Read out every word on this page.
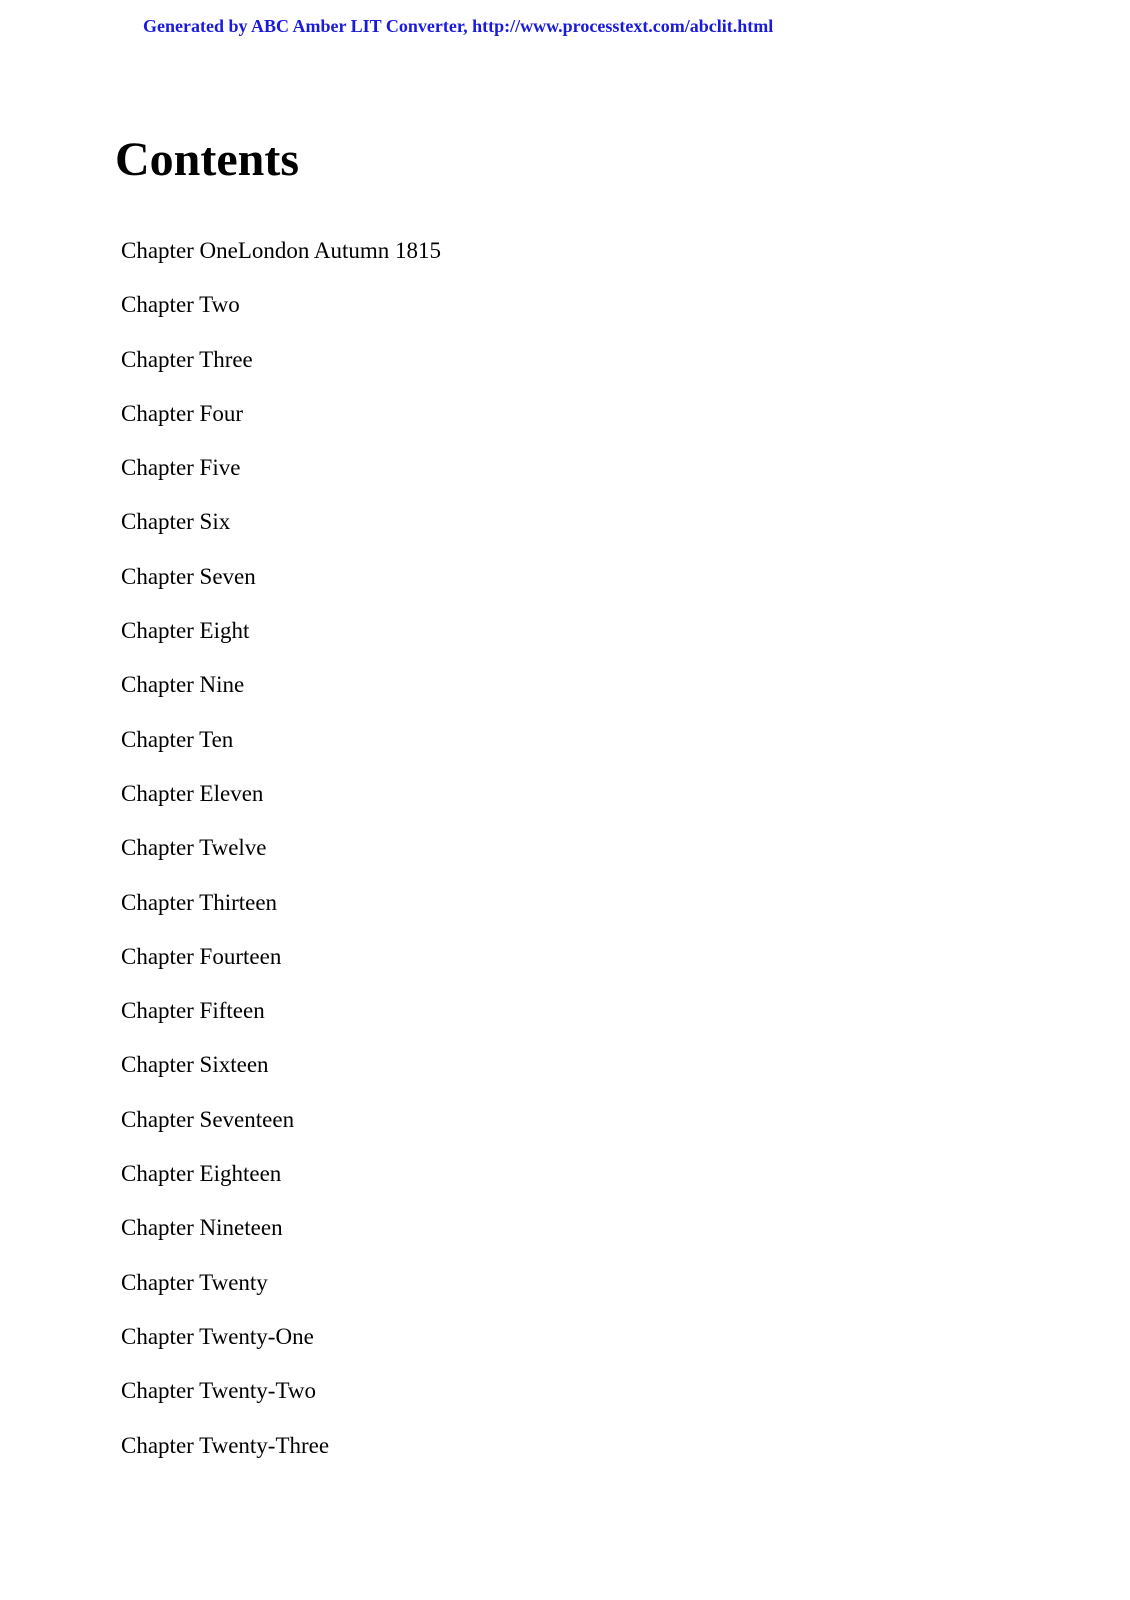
Generated by ABC Amber LIT Converter, http://www.processtext.com/abclit.html
Contents
Chapter OneLondon Autumn 1815
Chapter Two
Chapter Three
Chapter Four
Chapter Five
Chapter Six
Chapter Seven
Chapter Eight
Chapter Nine
Chapter Ten
Chapter Eleven
Chapter Twelve
Chapter Thirteen
Chapter Fourteen
Chapter Fifteen
Chapter Sixteen
Chapter Seventeen
Chapter Eighteen
Chapter Nineteen
Chapter Twenty
Chapter Twenty-One
Chapter Twenty-Two
Chapter Twenty-Three
